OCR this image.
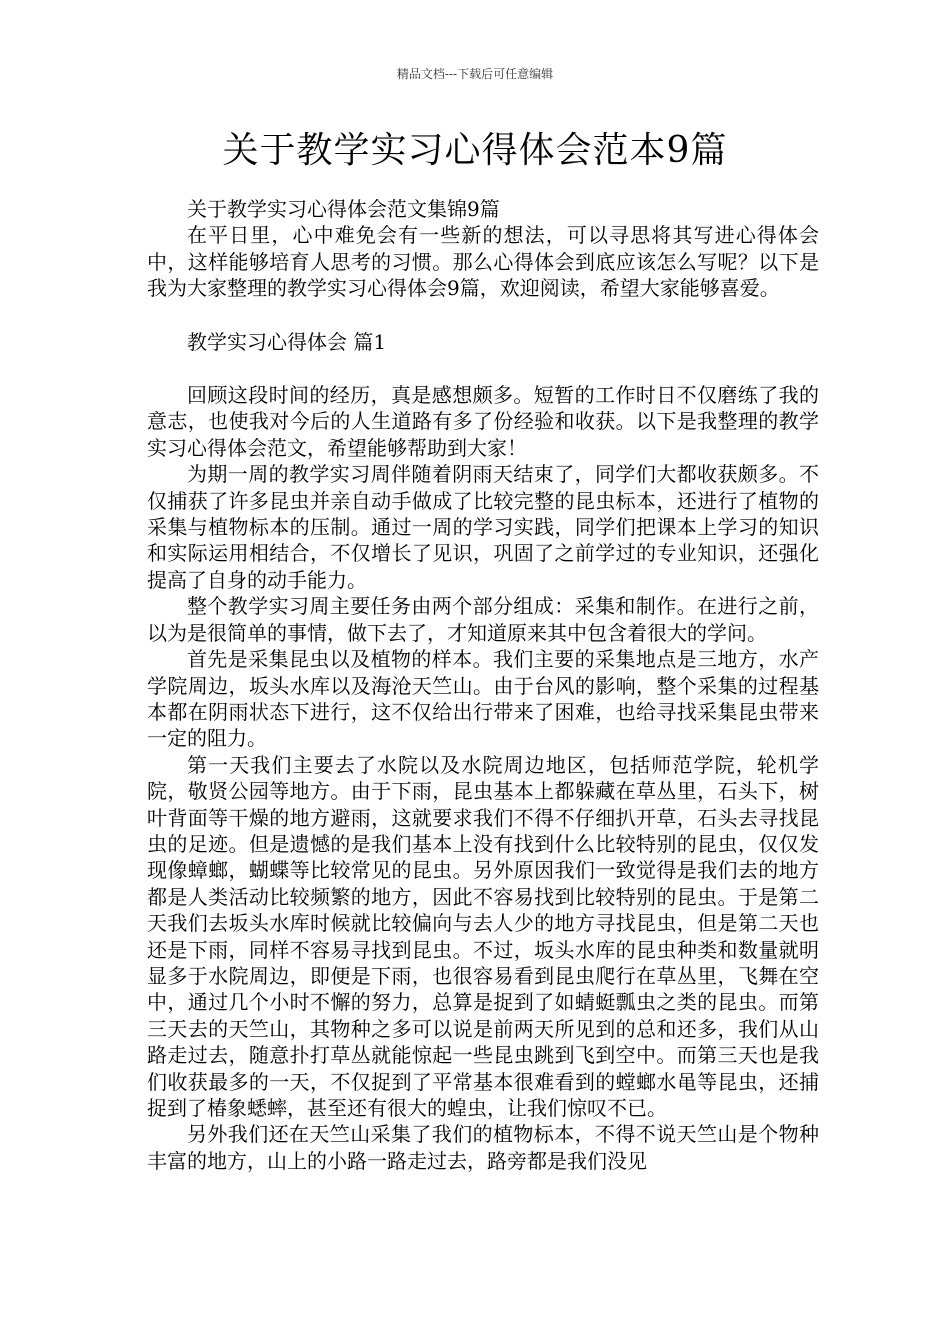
精品文档---下载后可任意编辑
关于教学实习心得体会范本9篇

关于教学实习心得体会范文集锦9篇

在平日里，心中难免会有一些新的想法，可以寻思将其写进心得体会中，这样能够培育人思考的习惯。那么心得体会到底应该怎么写呢？以下是我为大家整理的教学实习心得体会9篇，欢迎阅读，希望大家能够喜爱。

教学实习心得体会 篇1

回顾这段时间的经历，真是感想颇多。短暂的工作时日不仅磨练了我的意志，也使我对今后的人生道路有多了份经验和收获。以下是我整理的教学实习心得体会范文，希望能够帮助到大家！

为期一周的教学实习周伴随着阴雨天结束了，同学们大都收获颇多。不仅捕获了许多昆虫并亲自动手做成了比较完整的昆虫标本，还进行了植物的采集与植物标本的压制。通过一周的学习实践，同学们把课本上学习的知识和实际运用相结合，不仅增长了见识，巩固了之前学过的专业知识，还强化提高了自身的动手能力。

整个教学实习周主要任务由两个部分组成：采集和制作。在进行之前，以为是很简单的事情，做下去了，才知道原来其中包含着很大的学问。

首先是采集昆虫以及植物的样本。我们主要的采集地点是三地方，水产学院周边，坂头水库以及海沧天竺山。由于台风的影响，整个采集的过程基本都在阴雨状态下进行，这不仅给出行带来了困难，也给寻找采集昆虫带来一定的阻力。

第一天我们主要去了水院以及水院周边地区，包括师范学院，轮机学院，敬贤公园等地方。由于下雨，昆虫基本上都躲藏在草丛里，石头下，树叶背面等干燥的地方避雨，这就要求我们不得不仔细扒开草，石头去寻找昆虫的足迹。但是遗憾的是我们基本上没有找到什么比较特别的昆虫，仅仅发现像蟑螂，蝴蝶等比较常见的昆虫。另外原因我们一致觉得是我们去的地方都是人类活动比较频繁的地方，因此不容易找到比较特别的昆虫。于是第二天我们去坂头水库时候就比较偏向与去人少的地方寻找昆虫，但是第二天也还是下雨，同样不容易寻找到昆虫。不过，坂头水库的昆虫种类和数量就明显多于水院周边，即便是下雨，也很容易看到昆虫爬行在草丛里，飞舞在空中，通过几个小时不懈的努力，总算是捉到了如蜻蜓瓢虫之类的昆虫。而第三天去的天竺山，其物种之多可以说是前两天所见到的总和还多，我们从山路走过去，随意扑打草丛就能惊起一些昆虫跳到飞到空中。而第三天也是我们收获最多的一天，不仅捉到了平常基本很难看到的螳螂水黾等昆虫，还捕捉到了椿象蟋蟀，甚至还有很大的蝗虫，让我们惊叹不已。

另外我们还在天竺山采集了我们的植物标本，不得不说天竺山是个物种丰富的地方，山上的小路一路走过去，路旁都是我们没见
